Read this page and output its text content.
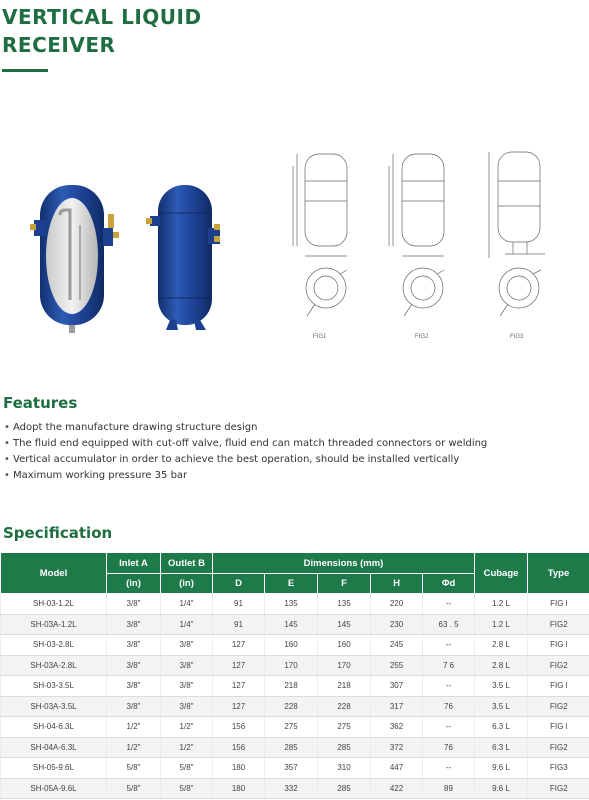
VERTICAL LIQUID
RECEIVER
FIG1	FIG2	FIG3
Features
• Adopt the manufacture drawing structure design
• The fluid end equipped with cut-off valve, fluid end can match threaded connectors or welding
• Vertical accumulator in order to achieve the best operation, should be installed vertically
• Maximum working pressure 35 bar
Specification
Model	Inlet A	Outlet B	Dimensions (mm)					Cubage	Type
	(in)	(in)	D	E	F	H	Φd		
SH-03-1.2L	3/8"	1/4"	91	135	135	220	--	1.2 L	FIG l
SH-03A-1.2L	3/8"	1/4"	91	145	145	230	63 . 5	1.2 L	FIG2
SH-03-2.8L	3/8"	3/8"	127	160	160	245	--	2.8 L	FIG l
SH-03A-2.8L	3/8"	3/8"	127	170	170	255	7 6	2.8 L	FIG2
SH-03-3.5L	3/8"	3/8"	127	218	218	307	--	3.5 L	FIG l
SH-03A-3.5L	3/8"	3/8"	127	228	228	317	76	3.5 L	FIG2
SH-04-6.3L	1/2"	1/2"	156	275	275	362	--	6.3 L	FIG l
SH-04A-6.3L	1/2"	1/2"	156	285	285	372	76	6.3 L	FIG2
SH-05-9.6L	5/8"	5/8"	180	357	310	447	--	9.6 L	FIG3
SH-05A-9.6L	5/8"	5/8"	180	332	285	422	89	9.6 L	FIG2
